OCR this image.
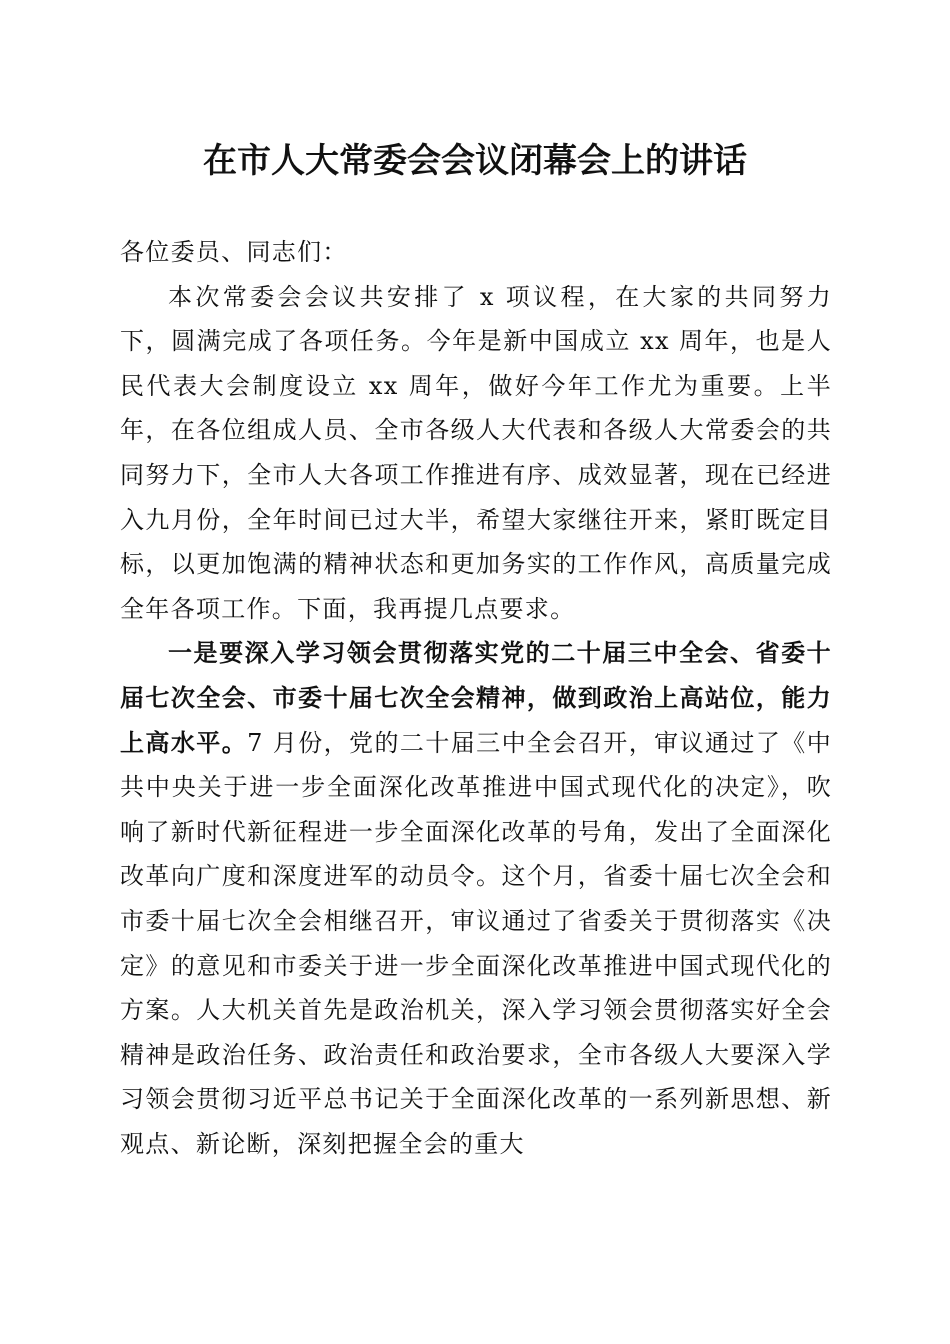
在市人大常委会会议闭幕会上的讲话

各位委员、同志们：

本次常委会会议共安排了 x 项议程，在大家的共同努力下，圆满完成了各项任务。今年是新中国成立 xx 周年，也是人民代表大会制度设立 xx 周年，做好今年工作尤为重要。上半年，在各位组成人员、全市各级人大代表和各级人大常委会的共同努力下，全市人大各项工作推进有序、成效显著，现在已经进入九月份，全年时间已过大半，希望大家继往开来，紧盯既定目标，以更加饱满的精神状态和更加务实的工作作风，高质量完成全年各项工作。下面，我再提几点要求。

一是要深入学习领会贯彻落实党的二十届三中全会、省委十届七次全会、市委十届七次全会精神，做到政治上高站位，能力上高水平。7 月份，党的二十届三中全会召开，审议通过了《中共中央关于进一步全面深化改革推进中国式现代化的决定》，吹响了新时代新征程进一步全面深化改革的号角，发出了全面深化改革向广度和深度进军的动员令。这个月，省委十届七次全会和市委十届七次全会相继召开，审议通过了省委关于贯彻落实《决定》的意见和市委关于进一步全面深化改革推进中国式现代化的方案。人大机关首先是政治机关，深入学习领会贯彻落实好全会精神是政治任务、政治责任和政治要求，全市各级人大要深入学习领会贯彻习近平总书记关于全面深化改革的一系列新思想、新观点、新论断，深刻把握全会的重大
